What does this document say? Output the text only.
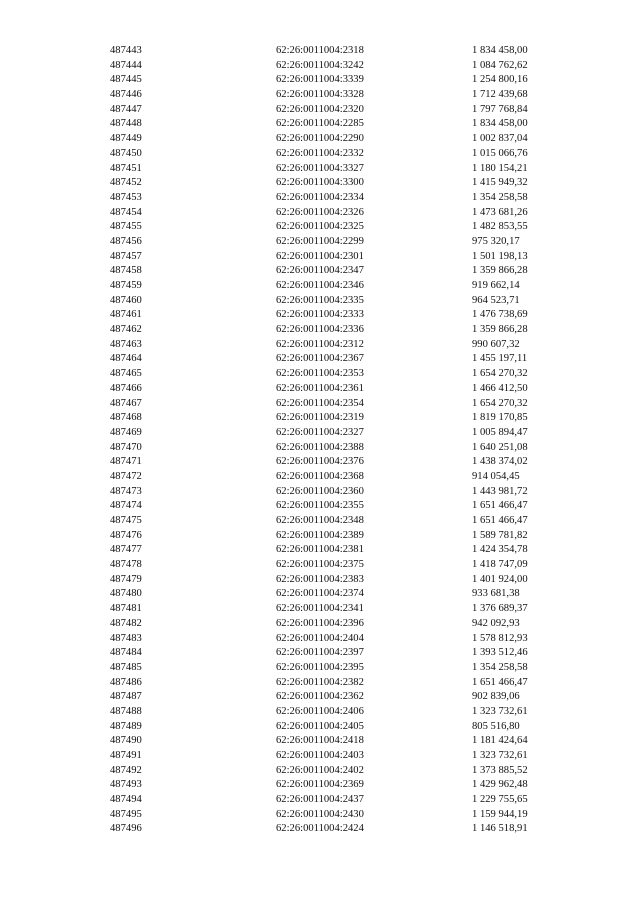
487443	62:26:0011004:2318	1 834 458,00
487444	62:26:0011004:3242	1 084 762,62
487445	62:26:0011004:3339	1 254 800,16
487446	62:26:0011004:3328	1 712 439,68
487447	62:26:0011004:2320	1 797 768,84
487448	62:26:0011004:2285	1 834 458,00
487449	62:26:0011004:2290	1 002 837,04
487450	62:26:0011004:2332	1 015 066,76
487451	62:26:0011004:3327	1 180 154,21
487452	62:26:0011004:3300	1 415 949,32
487453	62:26:0011004:2334	1 354 258,58
487454	62:26:0011004:2326	1 473 681,26
487455	62:26:0011004:2325	1 482 853,55
487456	62:26:0011004:2299	975 320,17
487457	62:26:0011004:2301	1 501 198,13
487458	62:26:0011004:2347	1 359 866,28
487459	62:26:0011004:2346	919 662,14
487460	62:26:0011004:2335	964 523,71
487461	62:26:0011004:2333	1 476 738,69
487462	62:26:0011004:2336	1 359 866,28
487463	62:26:0011004:2312	990 607,32
487464	62:26:0011004:2367	1 455 197,11
487465	62:26:0011004:2353	1 654 270,32
487466	62:26:0011004:2361	1 466 412,50
487467	62:26:0011004:2354	1 654 270,32
487468	62:26:0011004:2319	1 819 170,85
487469	62:26:0011004:2327	1 005 894,47
487470	62:26:0011004:2388	1 640 251,08
487471	62:26:0011004:2376	1 438 374,02
487472	62:26:0011004:2368	914 054,45
487473	62:26:0011004:2360	1 443 981,72
487474	62:26:0011004:2355	1 651 466,47
487475	62:26:0011004:2348	1 651 466,47
487476	62:26:0011004:2389	1 589 781,82
487477	62:26:0011004:2381	1 424 354,78
487478	62:26:0011004:2375	1 418 747,09
487479	62:26:0011004:2383	1 401 924,00
487480	62:26:0011004:2374	933 681,38
487481	62:26:0011004:2341	1 376 689,37
487482	62:26:0011004:2396	942 092,93
487483	62:26:0011004:2404	1 578 812,93
487484	62:26:0011004:2397	1 393 512,46
487485	62:26:0011004:2395	1 354 258,58
487486	62:26:0011004:2382	1 651 466,47
487487	62:26:0011004:2362	902 839,06
487488	62:26:0011004:2406	1 323 732,61
487489	62:26:0011004:2405	805 516,80
487490	62:26:0011004:2418	1 181 424,64
487491	62:26:0011004:2403	1 323 732,61
487492	62:26:0011004:2402	1 373 885,52
487493	62:26:0011004:2369	1 429 962,48
487494	62:26:0011004:2437	1 229 755,65
487495	62:26:0011004:2430	1 159 944,19
487496	62:26:0011004:2424	1 146 518,91
